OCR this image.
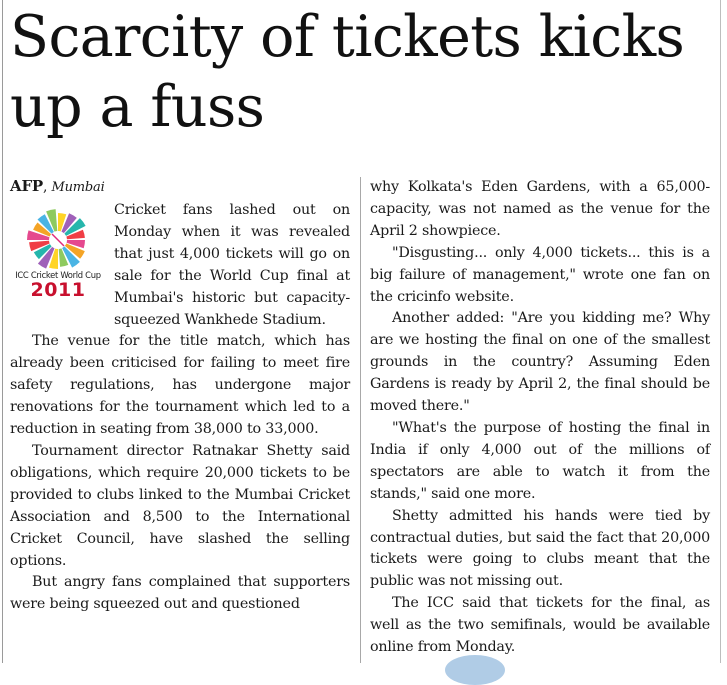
Scarcity of tickets kicks up a fuss
AFP, Mumbai
ICC Cricket World Cup
2011

Cricket fans lashed out on Monday when it was revealed that just 4,000 tickets will go on sale for the World Cup final at Mumbai's historic but capacity-squeezed Wankhede Stadium.

The venue for the title match, which has already been criticised for failing to meet fire safety regulations, has undergone major renovations for the tournament which led to a reduction in seating from 38,000 to 33,000.

Tournament director Ratnakar Shetty said obligations, which require 20,000 tickets to be provided to clubs linked to the Mumbai Cricket Association and 8,500 to the International Cricket Council, have slashed the selling options.

But angry fans complained that supporters were being squeezed out and questioned

why Kolkata's Eden Gardens, with a 65,000-capacity, was not named as the venue for the April 2 showpiece.

"Disgusting... only 4,000 tickets... this is a big failure of management," wrote one fan on the cricinfo website.

Another added: "Are you kidding me? Why are we hosting the final on one of the smallest grounds in the country? Assuming Eden Gardens is ready by April 2, the final should be moved there."

"What's the purpose of hosting the final in India if only 4,000 out of the millions of spectators are able to watch it from the stands," said one more.

Shetty admitted his hands were tied by contractual duties, but said the fact that 20,000 tickets were going to clubs meant that the public was not missing out.

The ICC said that tickets for the final, as well as the two semifinals, would be available online from Monday.
